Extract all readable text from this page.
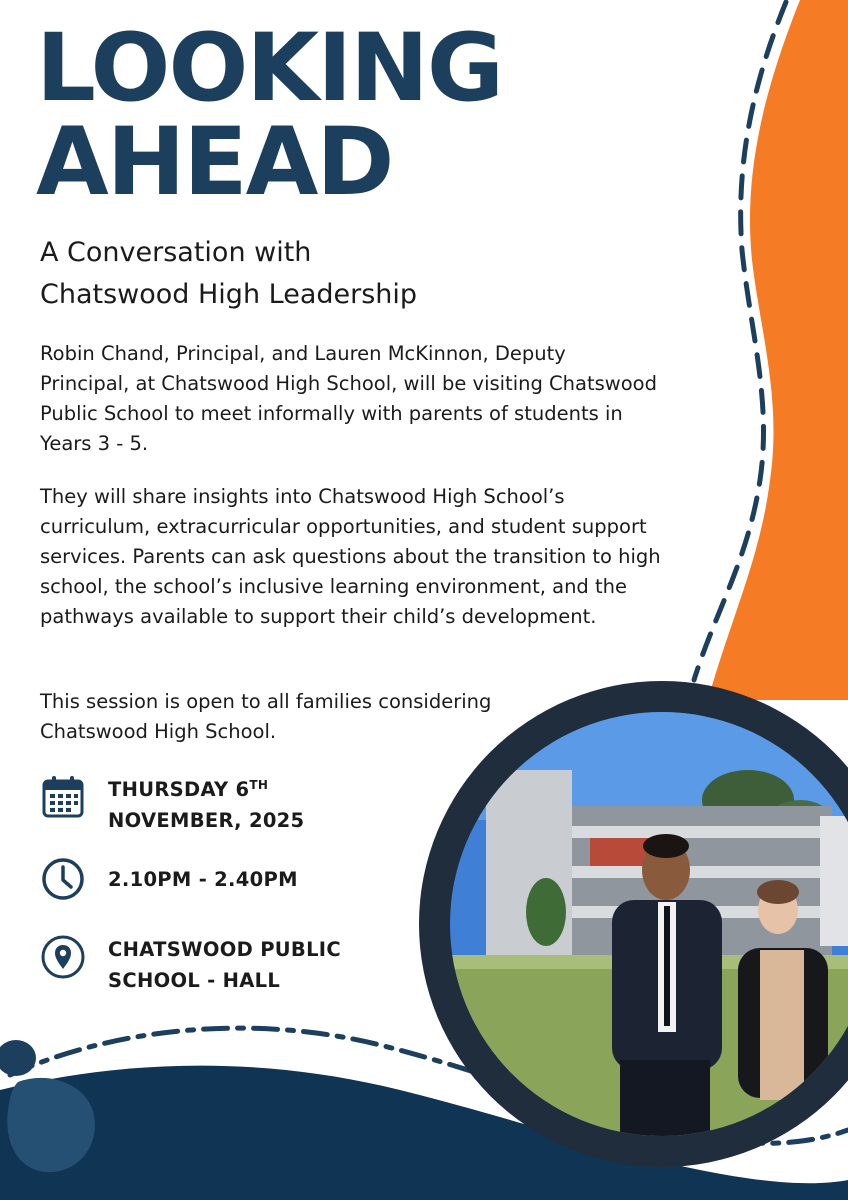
LOOKING
AHEAD
A Conversation with
Chatswood High Leadership

Robin Chand, Principal, and Lauren McKinnon, Deputy Principal, at Chatswood High School, will be visiting Chatswood Public School to meet informally with parents of students in Years 3 - 5.

They will share insights into Chatswood High School’s curriculum, extracurricular opportunities, and student support services. Parents can ask questions about the transition to high school, the school’s inclusive learning environment, and the pathways available to support their child’s development.

This session is open to all families considering Chatswood High School.

THURSDAY 6TH
NOVEMBER, 2025
2.10PM - 2.40PM
CHATSWOOD PUBLIC
SCHOOL - HALL
